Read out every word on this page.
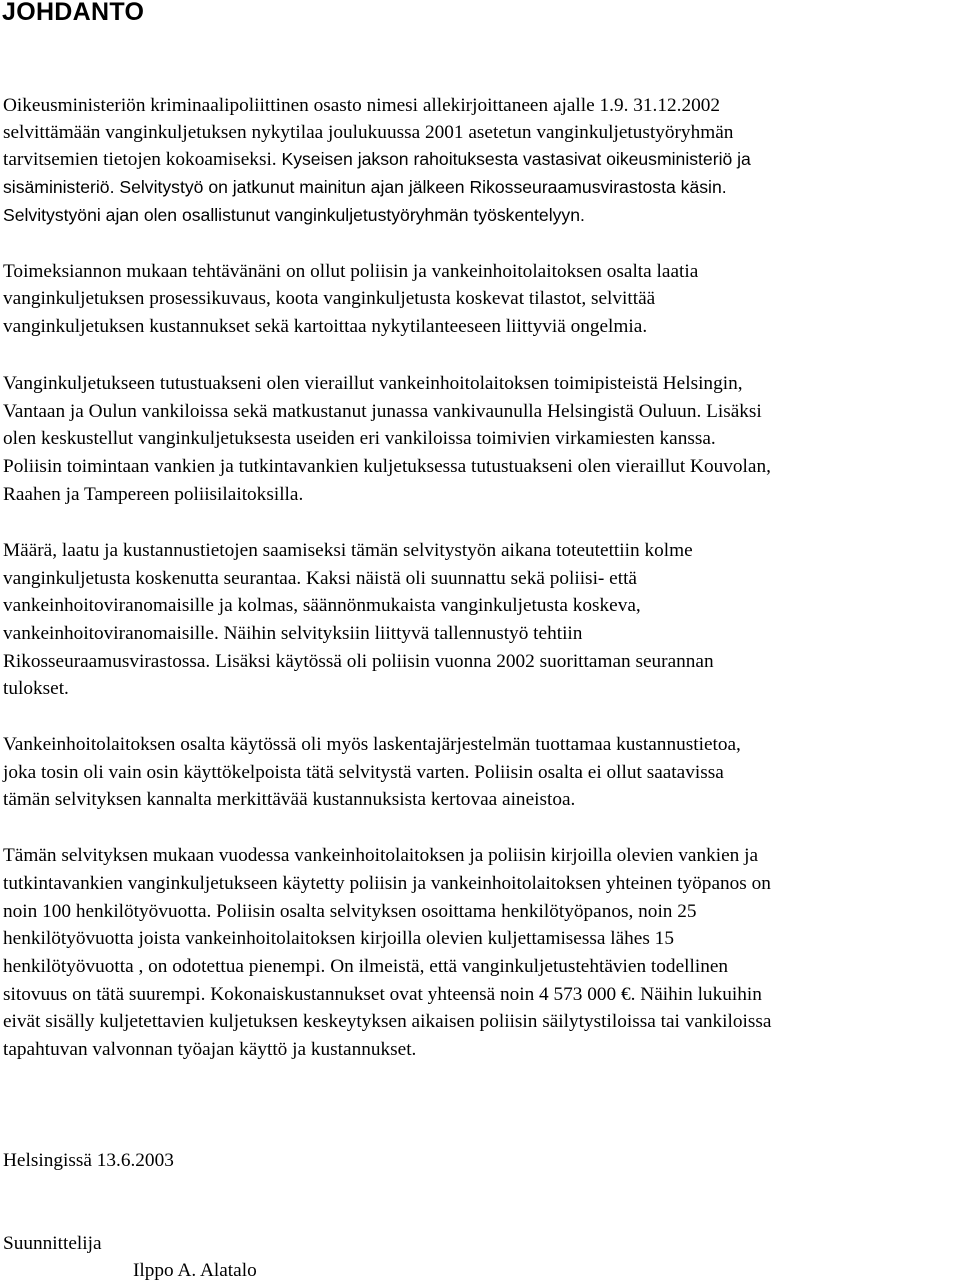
JOHDANTO

Oikeusministeriön kriminaalipoliittinen osasto nimesi allekirjoittaneen ajalle 1.9. 31.12.2002

selvittämään vanginkuljetuksen nykytilaa joulukuussa 2001 asetetun vanginkuljetustyöryhmän

tarvitsemien tietojen kokoamiseksi. Kyseisen jakson rahoituksesta vastasivat oikeusministeriö ja

sisäministeriö. Selvitystyö on jatkunut mainitun ajan jälkeen Rikosseuraamusvirastosta käsin.

Selvitystyöni ajan olen osallistunut vanginkuljetustyöryhmän työskentelyyn.

Toimeksiannon mukaan tehtävänäni on ollut poliisin ja vankeinhoitolaitoksen osalta laatia

vanginkuljetuksen prosessikuvaus, koota vanginkuljetusta koskevat tilastot, selvittää

vanginkuljetuksen kustannukset sekä kartoittaa nykytilanteeseen liittyviä ongelmia.

Vanginkuljetukseen tutustuakseni olen vieraillut vankeinhoitolaitoksen toimipisteistä Helsingin,

Vantaan ja Oulun vankiloissa sekä matkustanut junassa vankivaunulla Helsingistä Ouluun. Lisäksi

olen keskustellut vanginkuljetuksesta useiden eri vankiloissa toimivien virkamiesten kanssa.

Poliisin toimintaan vankien ja tutkintavankien kuljetuksessa tutustuakseni olen vieraillut Kouvolan,

Raahen ja Tampereen poliisilaitoksilla.

Määrä, laatu ja kustannustietojen saamiseksi tämän selvitystyön aikana toteutettiin kolme

vanginkuljetusta koskenutta seurantaa. Kaksi näistä oli suunnattu sekä poliisi- että

vankeinhoitoviranomaisille ja kolmas, säännönmukaista vanginkuljetusta koskeva,

vankeinhoitoviranomaisille. Näihin selvityksiin liittyvä tallennustyö tehtiin

Rikosseuraamusvirastossa. Lisäksi käytössä oli poliisin vuonna 2002 suorittaman seurannan

tulokset.

Vankeinhoitolaitoksen osalta käytössä oli myös laskentajärjestelmän tuottamaa kustannustietoa,

joka tosin oli vain osin käyttökelpoista tätä selvitystä varten. Poliisin osalta ei ollut saatavissa

tämän selvityksen kannalta merkittävää kustannuksista kertovaa aineistoa.

Tämän selvityksen mukaan vuodessa vankeinhoitolaitoksen ja poliisin kirjoilla olevien vankien ja

tutkintavankien vanginkuljetukseen käytetty poliisin ja vankeinhoitolaitoksen yhteinen työpanos on

noin 100 henkilötyövuotta. Poliisin osalta selvityksen osoittama henkilötyöpanos, noin 25

henkilötyövuotta joista vankeinhoitolaitoksen kirjoilla olevien kuljettamisessa lähes 15

henkilötyövuotta , on odotettua pienempi. On ilmeistä, että vanginkuljetustehtävien todellinen

sitovuus on tätä suurempi. Kokonaiskustannukset ovat yhteensä noin 4 573 000 €. Näihin lukuihin

eivät sisälly kuljetettavien kuljetuksen keskeytyksen aikaisen poliisin säilytystiloissa tai vankiloissa

tapahtuvan valvonnan työajan käyttö ja kustannukset.

Helsingissä 13.6.2003

Suunnittelija

Ilppo A. Alatalo
